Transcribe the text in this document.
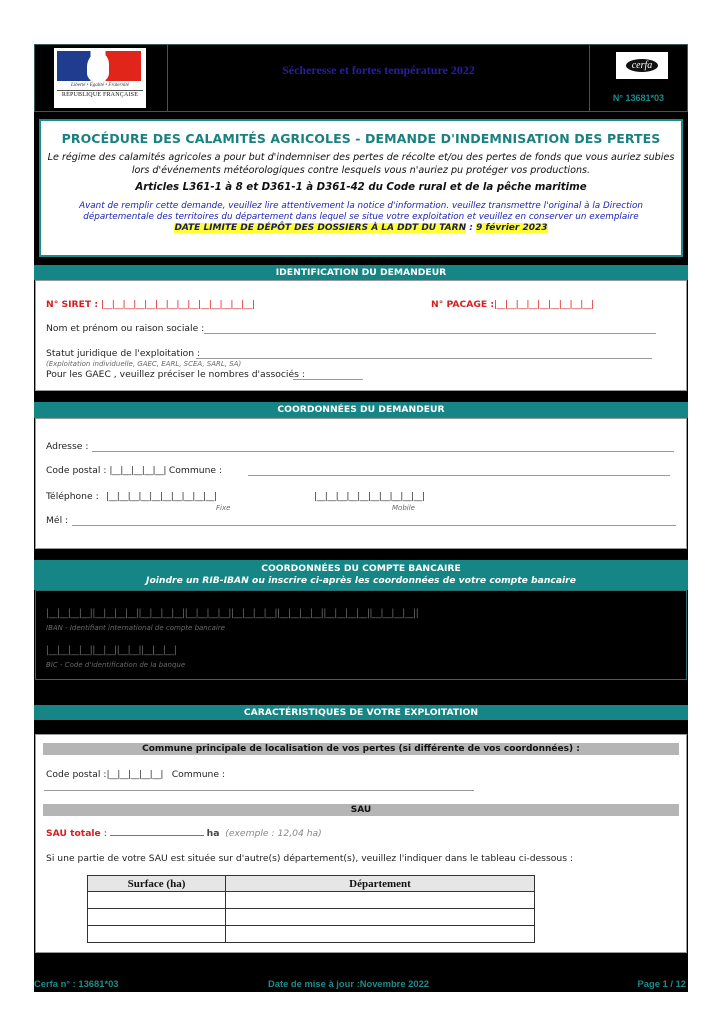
Liberté • Égalité • Fraternité
RÉPUBLIQUE FRANÇAISE
Sécheresse et fortes température 2022	cerfa
N° 13681*03
PROCÉDURE DES CALAMITÉS AGRICOLES - DEMANDE D'INDEMNISATION DES PERTES
Le régime des calamités agricoles a pour but d'indemniser des pertes de récolte et/ou des pertes de fonds que vous auriez subies lors d'événements météorologiques contre lesquels vous n'auriez pu protéger vos productions.
Articles L361-1 à 8 et D361-1 à D361-42 du Code rural et de la pêche maritime
Avant de remplir cette demande, veuillez lire attentivement la notice d'information. veuillez transmettre l'original à la Direction départementale des territoires du département dans lequel se situe votre exploitation et veuillez en conserver un exemplaire
DATE LIMITE DE DÉPÔT DES DOSSIERS À LA DDT DU TARN : 9 février 2023
IDENTIFICATION DU DEMANDEUR
N° SIRET : |__|__|__|__|__|__|__|__|__|__|__|__|__|__|	N° PACAGE :|__|__|__|__|__|__|__|__|__|
Nom et prénom ou raison sociale :
Statut juridique de l'exploitation :
(Exploitation individuelle, GAEC, EARL, SCEA, SARL, SA)
Pour les GAEC , veuillez préciser le nombres d'associés :
COORDONNÉES DU DEMANDEUR
Adresse :
Code postal : |__|__|__|__|__| Commune :
Téléphone : |__|__|__|__|__|__|__|__|__|__|	|__|__|__|__|__|__|__|__|__|__|
Fixe	Mobile
Mél :
COORDONNÉES DU COMPTE BANCAIRE
Joindre un RIB-IBAN ou inscrire ci-après les coordonnées de votre compte bancaire
|__|__|__|__||__|__|__|__||__|__|__|__||__|__|__|__||__|__|__|__||__|__|__|__||__|__|__|__||__|__|__|__||
IBAN - Identifiant international de compte bancaire
|__|__|__|__||__|__||__|__||__|__|__|
BIC - Code d'identification de la banque
CARACTÉRISTIQUES DE VOTRE EXPLOITATION
Commune principale de localisation de vos pertes (si différente de vos coordonnées) :
Code postal :|__|__|__|__|__| Commune :
SAU
SAU totale :	ha (exemple : 12,04 ha)
Si une partie de votre SAU est située sur d'autre(s) département(s), veuillez l'indiquer dans le tableau ci-dessous :
Surface (ha)	Département

Cerfa n° : 13681*03	Date de mise à jour :Novembre 2022	Page 1 / 12
